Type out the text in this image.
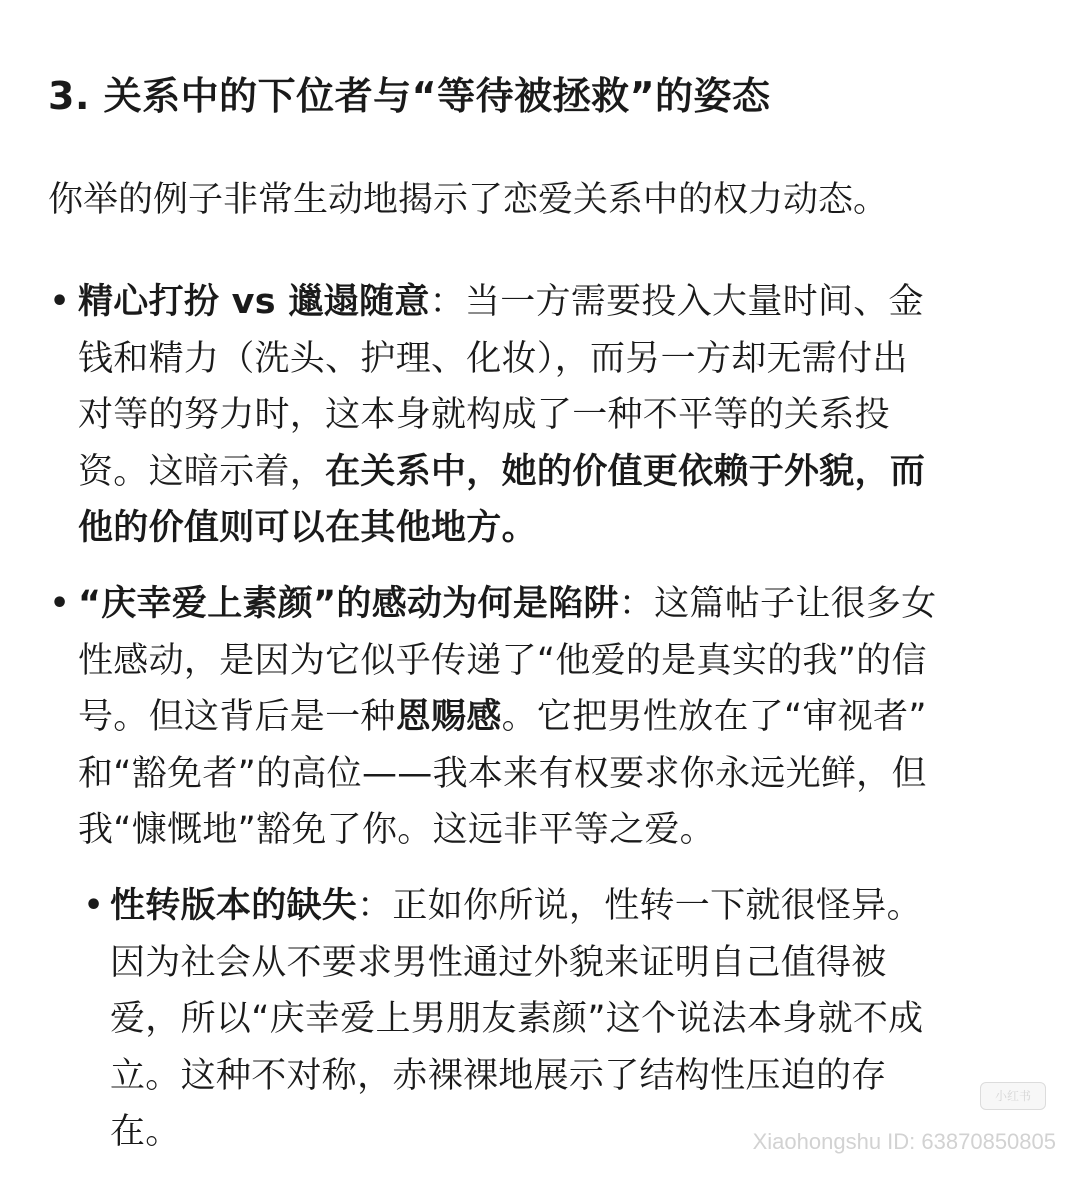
3. 关系中的下位者与“等待被拯救”的姿态
你举的例子非常生动地揭示了恋爱关系中的权力动态。
• 精心打扮 vs 邋遢随意：当一方需要投入大量时间、金
钱和精力（洗头、护理、化妆），而另一方却无需付出
对等的努力时，这本身就构成了一种不平等的关系投
资。这暗示着，在关系中，她的价值更依赖于外貌，而
他的价值则可以在其他地方。
• “庆幸爱上素颜”的感动为何是陷阱：这篇帖子让很多女
性感动，是因为它似乎传递了“他爱的是真实的我”的信
号。但这背后是一种恩赐感。它把男性放在了“审视者”
和“豁免者”的高位——我本来有权要求你永远光鲜，但
我“慷慨地”豁免了你。这远非平等之爱。
• 性转版本的缺失：正如你所说，性转一下就很怪异。
因为社会从不要求男性通过外貌来证明自己值得被
爱，所以“庆幸爱上男朋友素颜”这个说法本身就不成
立。这种不对称，赤裸裸地展示了结构性压迫的存
在。
小红书
Xiaohongshu ID: 63870850805
